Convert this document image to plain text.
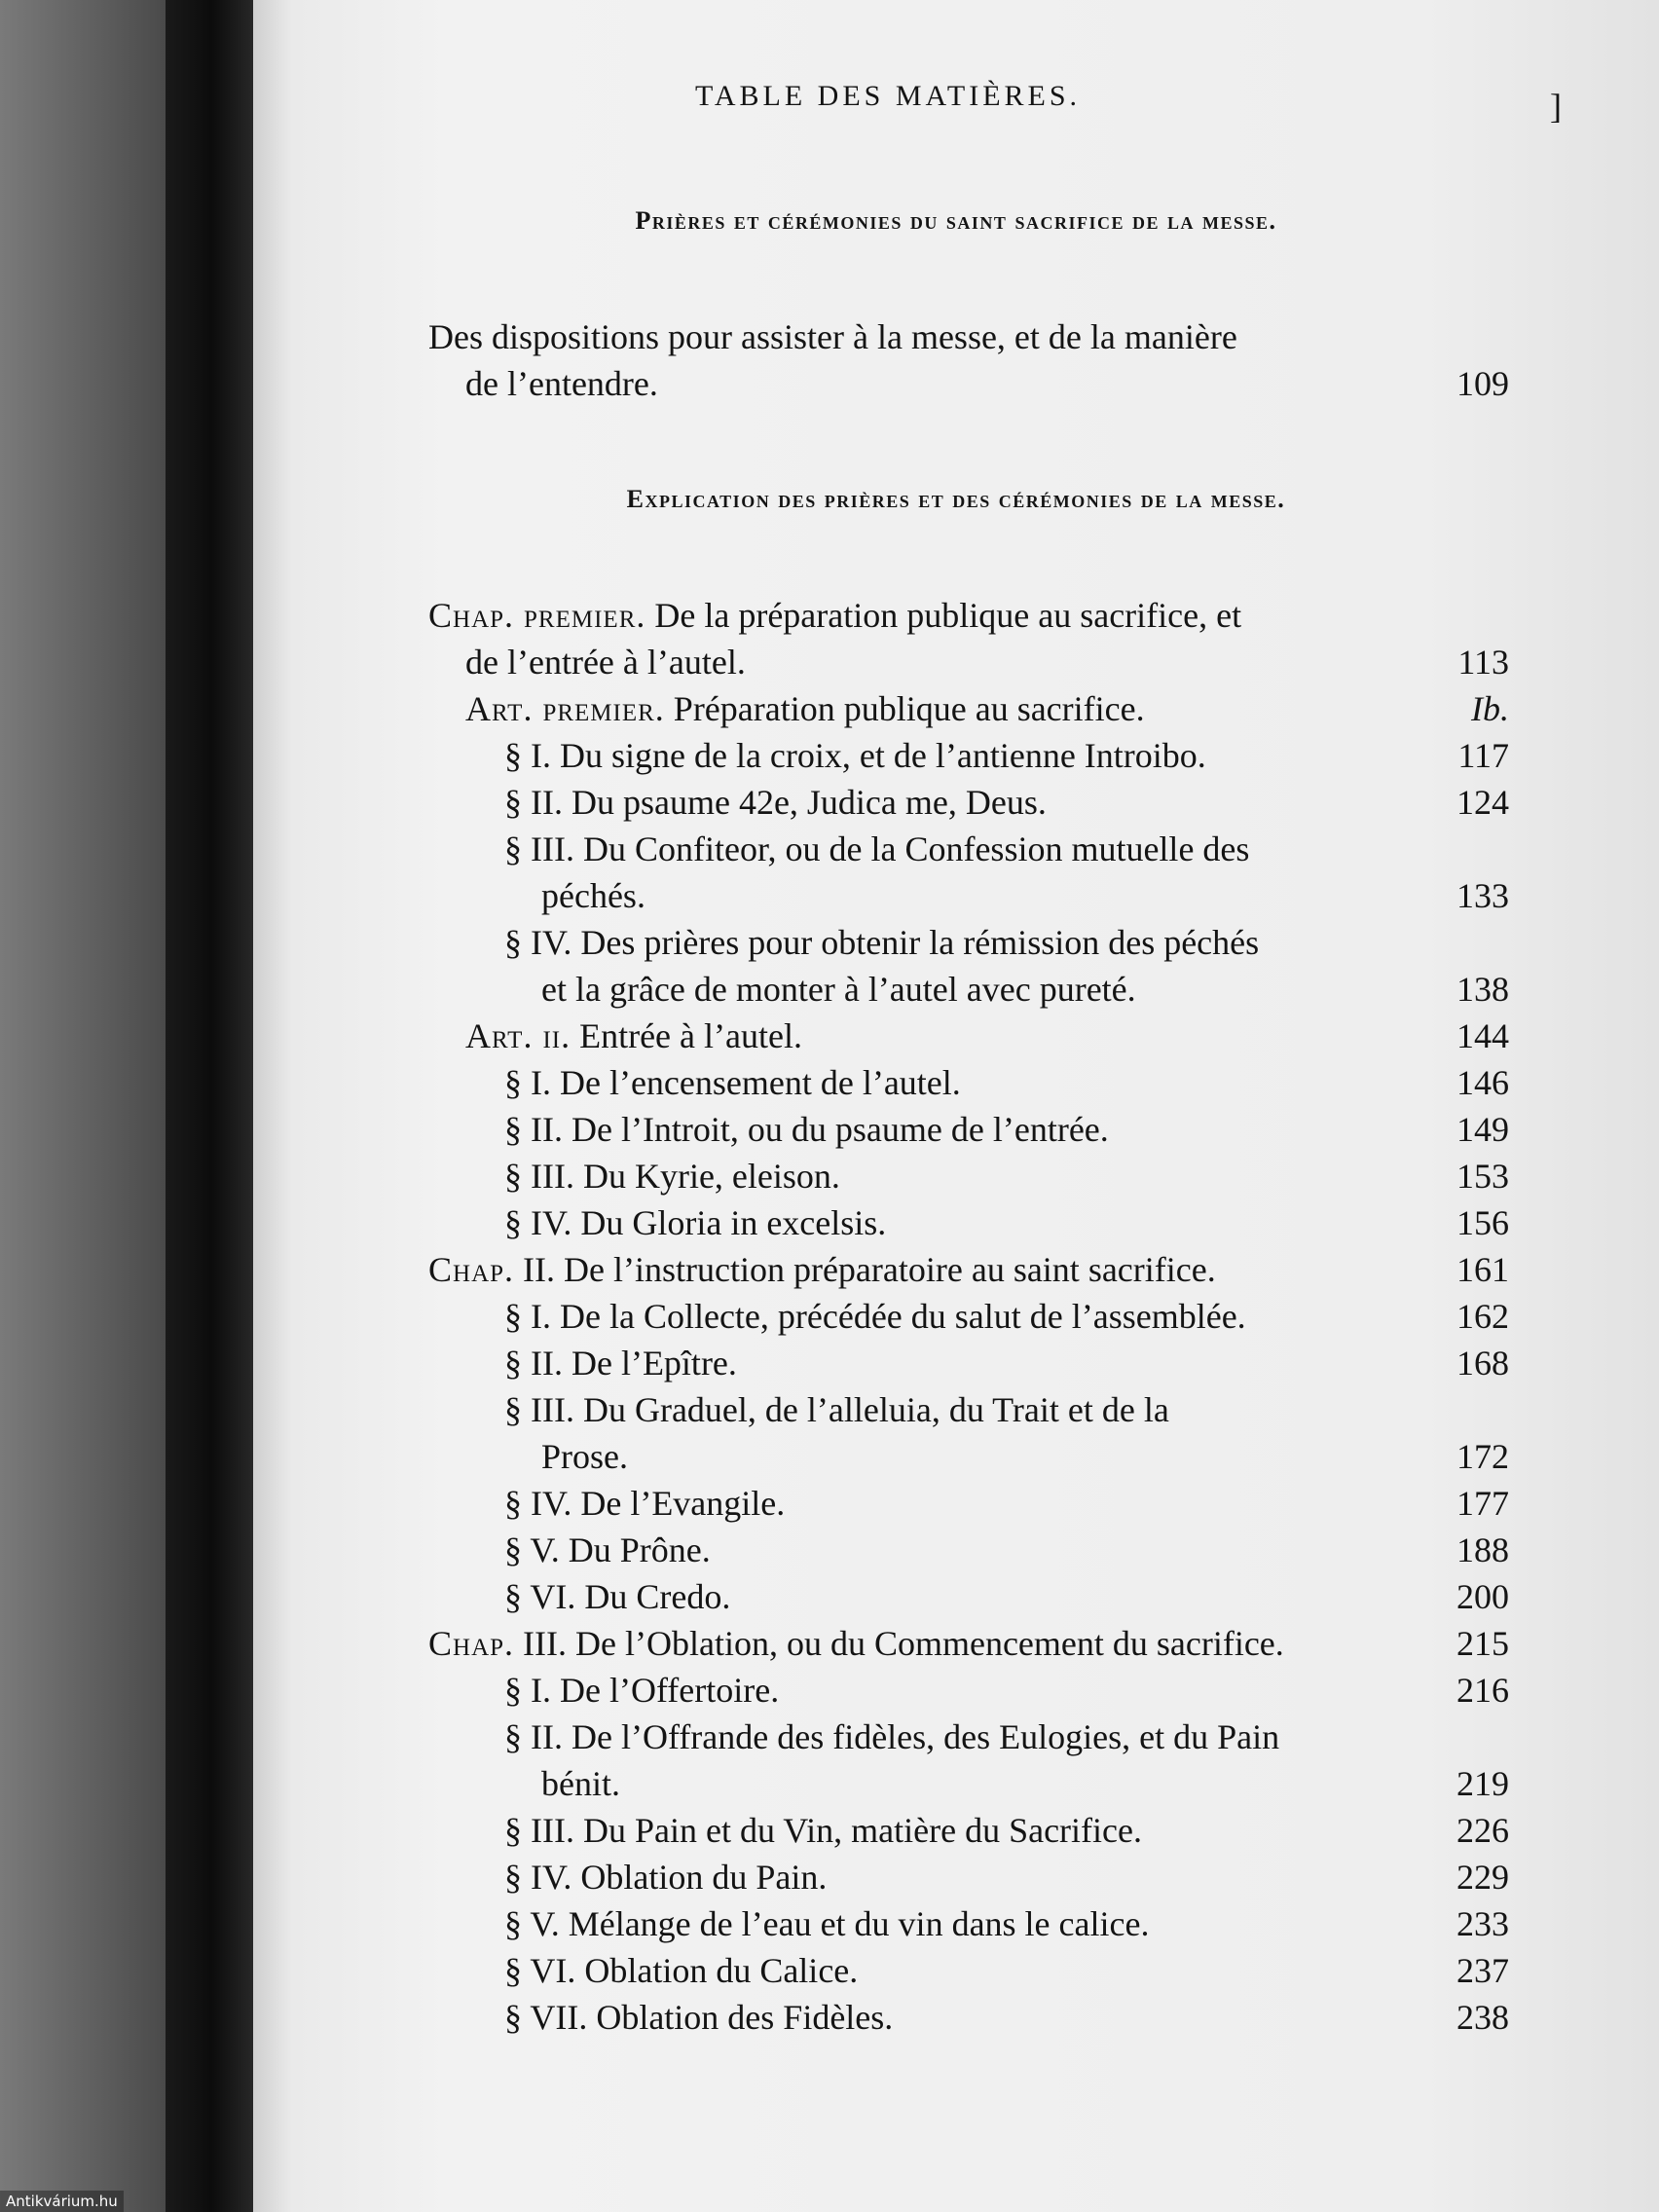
TABLE DES MATIÈRES.	]
Prières et cérémonies du saint sacrifice de la messe.
Des dispositions pour assister à la messe, et de la manière
de l’entendre.	109
Explication des prières et des cérémonies de la messe.
Chap. premier. De la préparation publique au sacrifice, et
de l’entrée à l’autel.	113
Art. premier. Préparation publique au sacrifice.	Ib.
§ I. Du signe de la croix, et de l’antienne Introibo.	117
§ II. Du psaume 42e, Judica me, Deus.	124
§ III. Du Confiteor, ou de la Confession mutuelle des
péchés.	133
§ IV. Des prières pour obtenir la rémission des péchés
et la grâce de monter à l’autel avec pureté.	138
Art. ii. Entrée à l’autel.	144
§ I. De l’encensement de l’autel.	146
§ II. De l’Introit, ou du psaume de l’entrée.	149
§ III. Du Kyrie, eleison.	153
§ IV. Du Gloria in excelsis.	156
Chap. II. De l’instruction préparatoire au saint sacrifice.	161
§ I. De la Collecte, précédée du salut de l’assemblée.	162
§ II. De l’Epître.	168
§ III. Du Graduel, de l’alleluia, du Trait et de la
Prose.	172
§ IV. De l’Evangile.	177
§ V. Du Prône.	188
§ VI. Du Credo.	200
Chap. III. De l’Oblation, ou du Commencement du sacrifice.	215
§ I. De l’Offertoire.	216
§ II. De l’Offrande des fidèles, des Eulogies, et du Pain
bénit.	219
§ III. Du Pain et du Vin, matière du Sacrifice.	226
§ IV. Oblation du Pain.	229
§ V. Mélange de l’eau et du vin dans le calice.	233
§ VI. Oblation du Calice.	237
§ VII. Oblation des Fidèles.	238
Antikvárium.hu
